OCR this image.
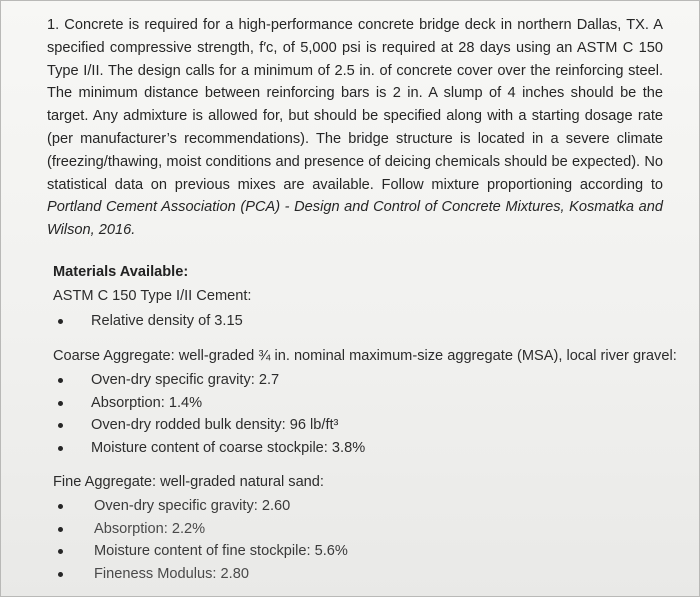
1. Concrete is required for a high-performance concrete bridge deck in northern Dallas, TX. A specified compressive strength, f′c, of 5,000 psi is required at 28 days using an ASTM C 150 Type I/II. The design calls for a minimum of 2.5 in. of concrete cover over the reinforcing steel. The minimum distance between reinforcing bars is 2 in. A slump of 4 inches should be the target. Any admixture is allowed for, but should be specified along with a starting dosage rate (per manufacturer’s recommendations). The bridge structure is located in a severe climate (freezing/thawing, moist conditions and presence of deicing chemicals should be expected). No statistical data on previous mixes are available. Follow mixture proportioning according to Portland Cement Association (PCA) - Design and Control of Concrete Mixtures, Kosmatka and Wilson, 2016.

Materials Available:

ASTM C 150 Type I/II Cement:

Relative density of 3.15

Coarse Aggregate: well-graded ¾ in. nominal maximum-size aggregate (MSA), local river gravel:

Oven-dry specific gravity: 2.7
Absorption: 1.4%
Oven-dry rodded bulk density: 96 lb/ft³
Moisture content of coarse stockpile: 3.8%

Fine Aggregate: well-graded natural sand:

Oven-dry specific gravity: 2.60
Absorption: 2.2%
Moisture content of fine stockpile: 5.6%
Fineness Modulus: 2.80
